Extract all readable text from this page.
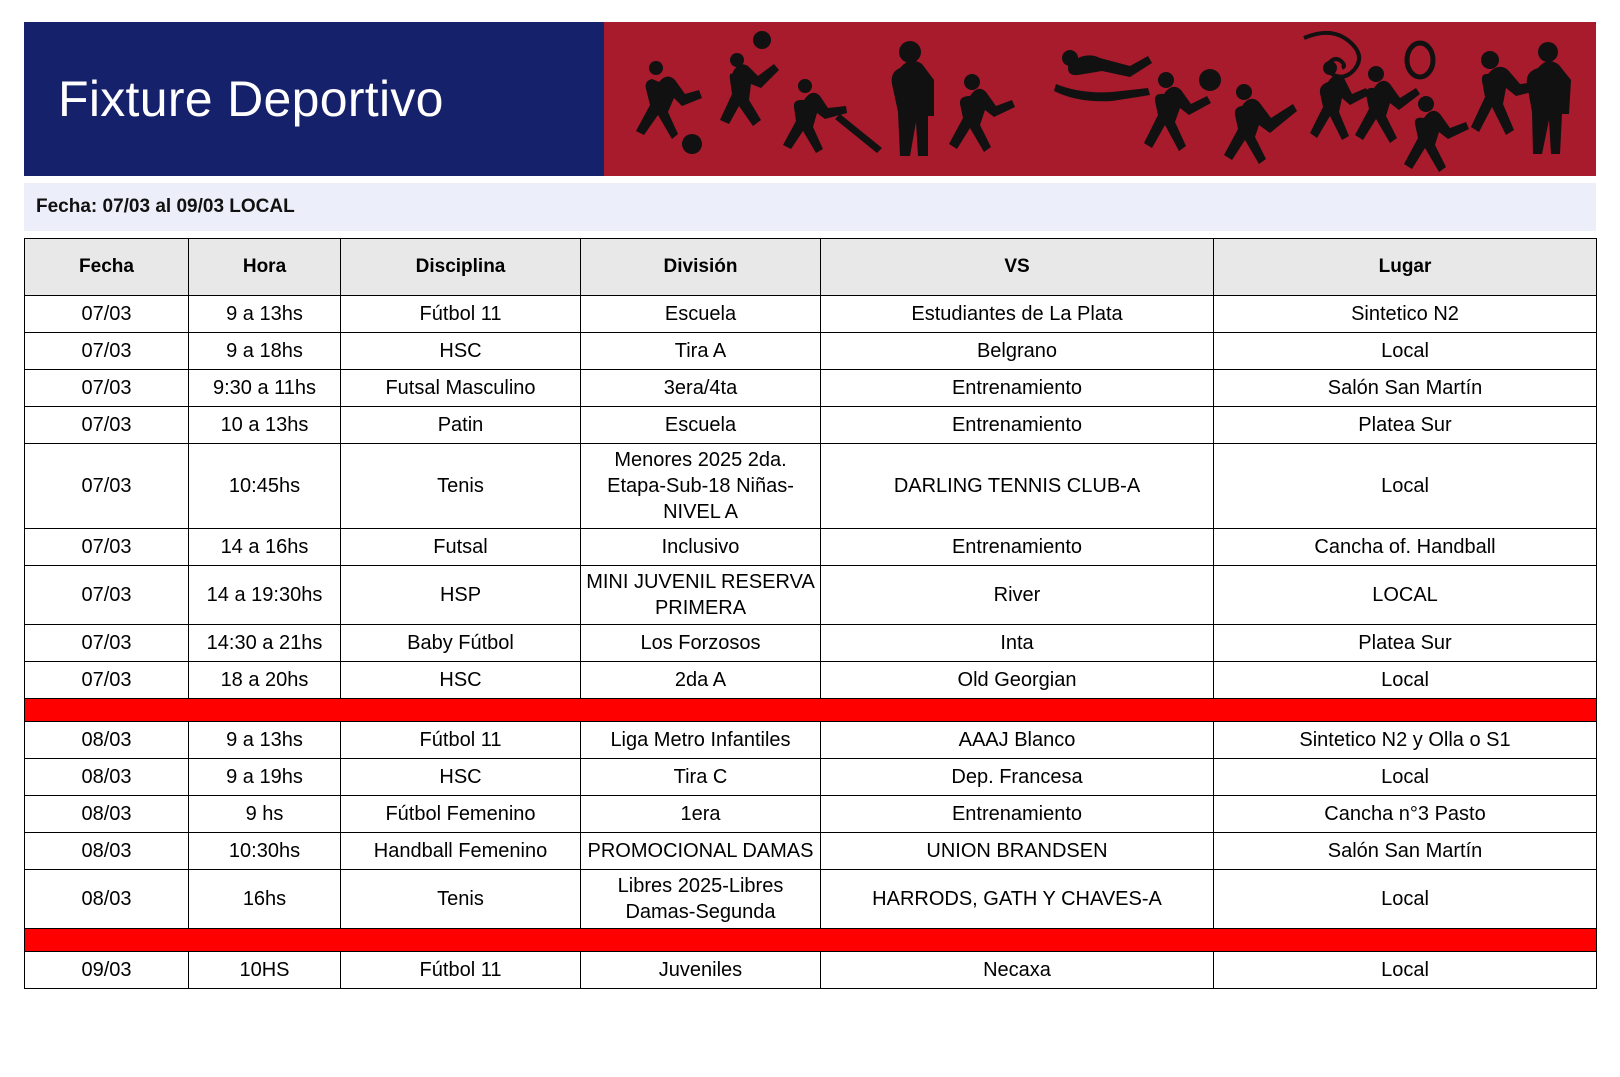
Fixture Deportivo
Fecha: 07/03 al 09/03 LOCAL
Fecha	Hora	Disciplina	División	VS	Lugar
07/03	9 a 13hs	Fútbol 11	Escuela	Estudiantes de La Plata	Sintetico N2
07/03	9 a 18hs	HSC	Tira A	Belgrano	Local
07/03	9:30 a 11hs	Futsal Masculino	3era/4ta	Entrenamiento	Salón San Martín
07/03	10 a 13hs	Patin	Escuela	Entrenamiento	Platea Sur
07/03	10:45hs	Tenis	Menores 2025 2da. Etapa-Sub-18 Niñas-NIVEL A	DARLING TENNIS CLUB-A	Local
07/03	14 a 16hs	Futsal	Inclusivo	Entrenamiento	Cancha of. Handball
07/03	14 a 19:30hs	HSP	MINI JUVENIL RESERVA PRIMERA	River	LOCAL
07/03	14:30 a 21hs	Baby Fútbol	Los Forzosos	Inta	Platea Sur
07/03	18 a 20hs	HSC	2da A	Old Georgian	Local

08/03	9 a 13hs	Fútbol 11	Liga Metro Infantiles	AAAJ Blanco	Sintetico N2 y Olla o S1
08/03	9 a 19hs	HSC	Tira C	Dep. Francesa	Local
08/03	9 hs	Fútbol Femenino	1era	Entrenamiento	Cancha n°3 Pasto
08/03	10:30hs	Handball Femenino	PROMOCIONAL DAMAS	UNION BRANDSEN	Salón San Martín
08/03	16hs	Tenis	Libres 2025-Libres Damas-Segunda	HARRODS, GATH Y CHAVES-A	Local

09/03	10HS	Fútbol 11	Juveniles	Necaxa	Local
